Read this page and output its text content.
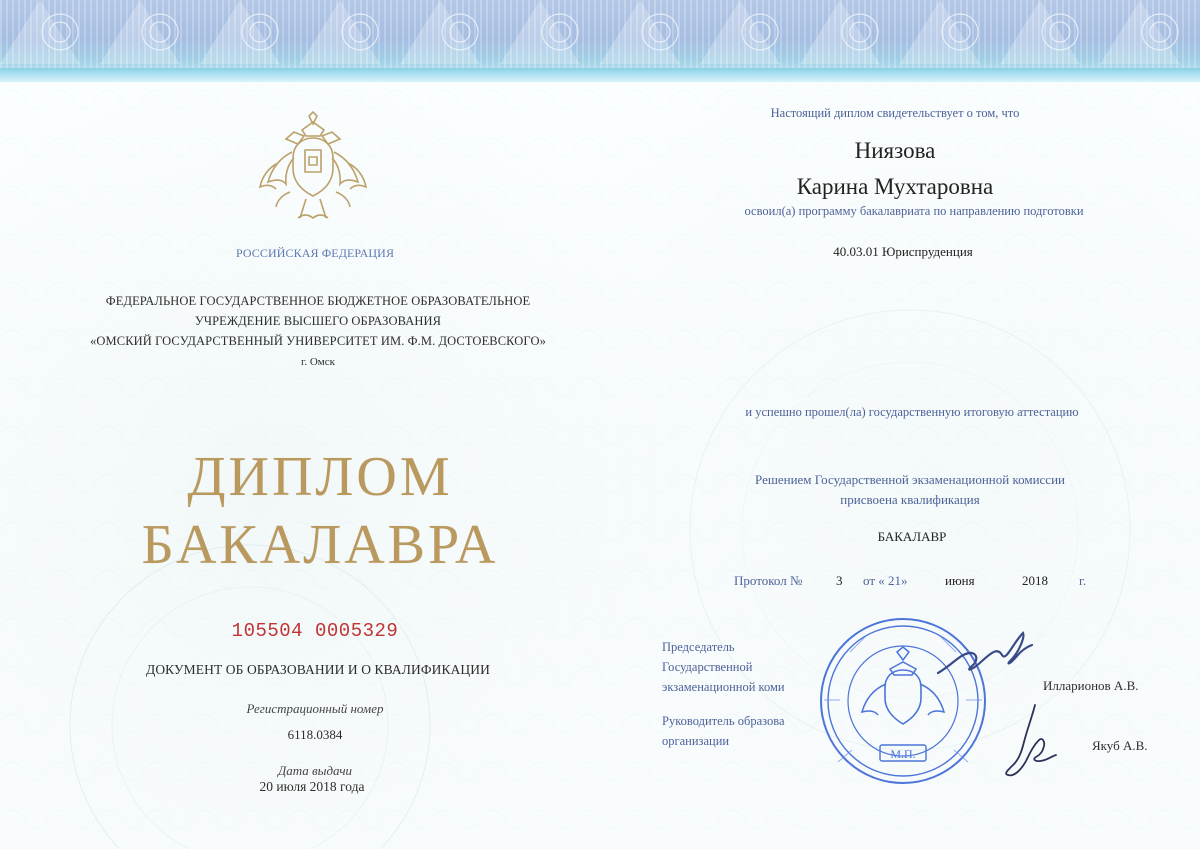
РОССИЙСКАЯ ФЕДЕРАЦИЯ
ФЕДЕРАЛЬНОЕ ГОСУДАРСТВЕННОЕ БЮДЖЕТНОЕ ОБРАЗОВАТЕЛЬНОЕ
УЧРЕЖДЕНИЕ ВЫСШЕГО ОБРАЗОВАНИЯ
«ОМСКИЙ ГОСУДАРСТВЕННЫЙ УНИВЕРСИТЕТ ИМ. Ф.М. ДОСТОЕВСКОГО»
г. Омск
ДИПЛОМ
БАКАЛАВРА
105504 0005329
ДОКУМЕНТ ОБ ОБРАЗОВАНИИ И О КВАЛИФИКАЦИИ
Регистрационный номер
6118.0384
Дата выдачи
20 июля 2018 года
Настоящий диплом свидетельствует о том, что
Ниязова
Карина Мухтаровна
освоил(а) программу бакалавриата по направлению подготовки
40.03.01 Юриспруденция
и успешно прошел(ла) государственную итоговую аттестацию
Решением Государственной экзаменационной комиссии
присвоена квалификация
БАКАЛАВР
Протокол №	3 от « 21»	июня	2018 г.
Председатель
Государственной
экзаменационной коми
Руководитель образова
организации
Илларионов А.В.
Якуб А.В.
М.П.
